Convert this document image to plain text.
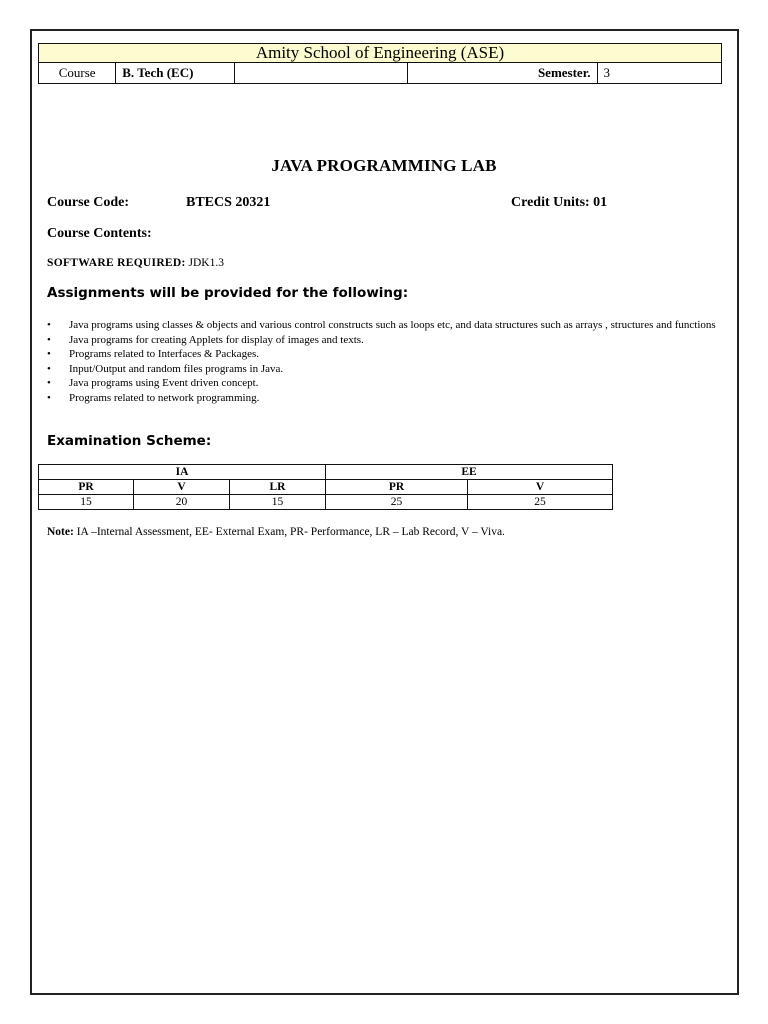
Amity School of Engineering (ASE)
Course	B. Tech (EC)		Semester.	3
JAVA PROGRAMMING LAB
Course Code:	BTECS 20321	Credit Units: 01
Course Contents:
SOFTWARE REQUIRED: JDK1.3
Assignments will be provided for the following:
• Java programs using classes & objects and various control constructs such as loops etc, and data structures such as arrays , structures and functions
• Java programs for creating Applets for display of images and texts.
• Programs related to Interfaces & Packages.
• Input/Output and random files programs in Java.
• Java programs using Event driven concept.
• Programs related to network programming.
Examination Scheme:
IA			EE	
PR	V	LR	PR	V
15	20	15	25	25
Note: IA –Internal Assessment, EE- External Exam, PR- Performance, LR – Lab Record, V – Viva.
